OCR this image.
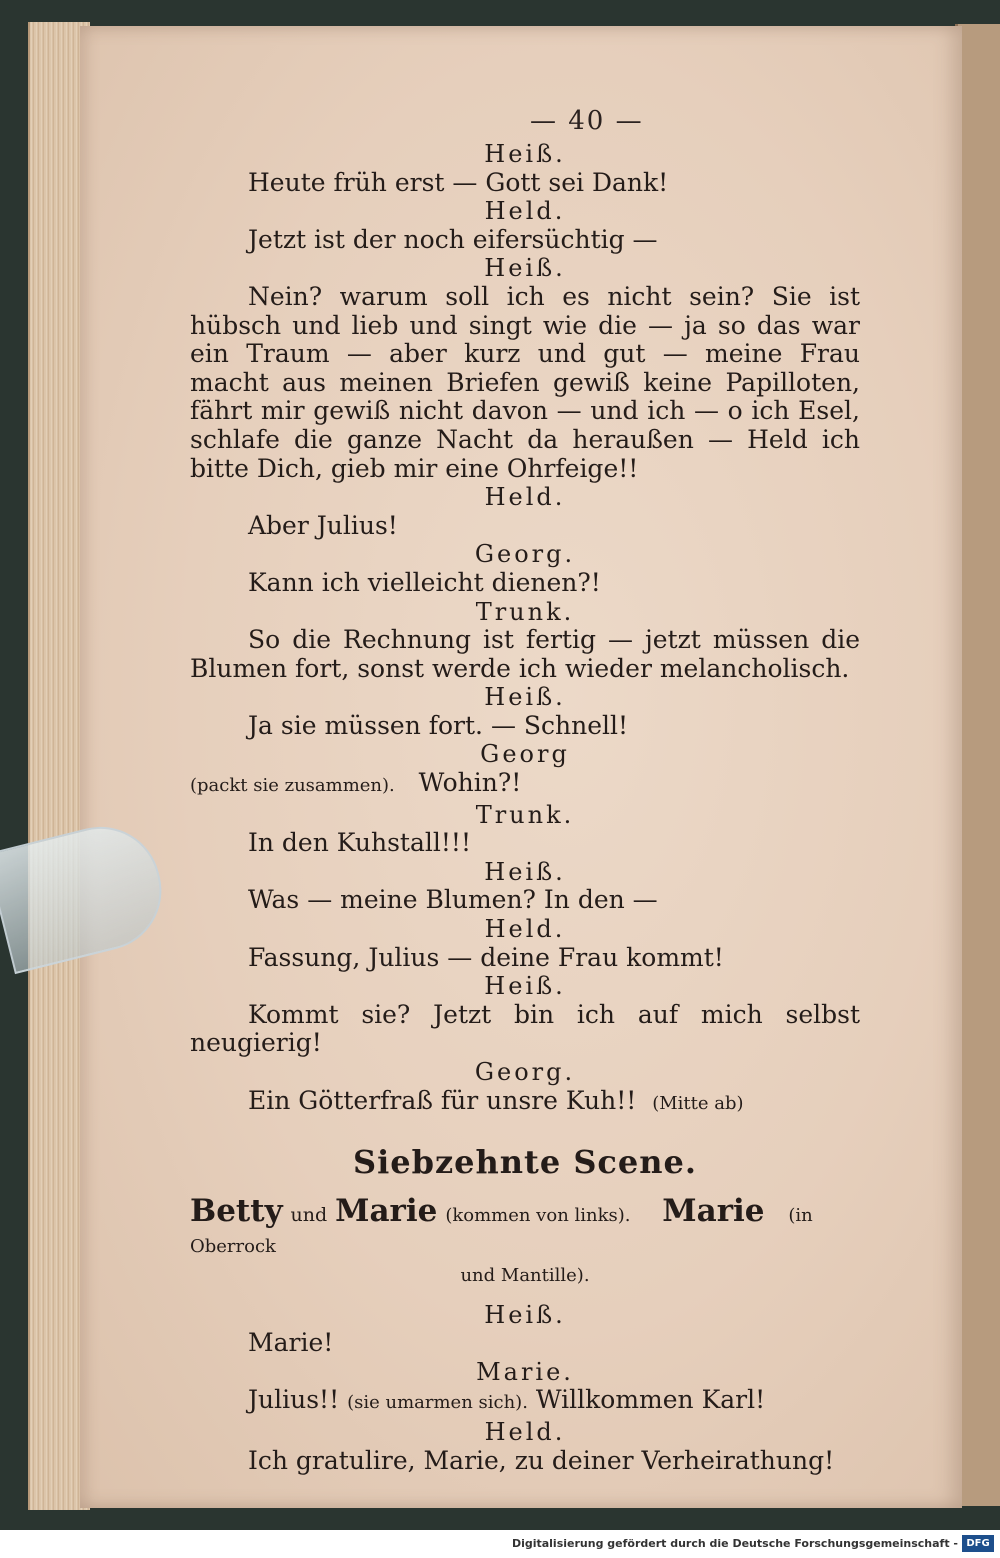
— 40 —

Heiß.

Heute früh erst — Gott sei Dank!

Held.

Jetzt ist der noch eifersüchtig —

Heiß.

Nein? warum soll ich es nicht sein? Sie ist hübsch und lieb und singt wie die — ja so das war ein Traum — aber kurz und gut — meine Frau macht aus meinen Briefen gewiß keine Papilloten, fährt mir gewiß nicht davon — und ich — o ich Esel, schlafe die ganze Nacht da heraußen — Held ich bitte Dich, gieb mir eine Ohrfeige!!

Held.

Aber Julius!

Georg.

Kann ich vielleicht dienen?!

Trunk.

So die Rechnung ist fertig — jetzt müssen die Blumen fort, sonst werde ich wieder melancholisch.

Heiß.

Ja sie müssen fort. — Schnell!

Georg

(packt sie zusammen). Wohin?!

Trunk.

In den Kuhstall!!!

Heiß.

Was — meine Blumen? In den —

Held.

Fassung, Julius — deine Frau kommt!

Heiß.

Kommt sie? Jetzt bin ich auf mich selbst neugierig!

Georg.

Ein Götterfraß für unsre Kuh!! (Mitte ab)

Siebzehnte Scene.

Betty und Marie (kommen von links). Marie (in Oberrock

und Mantille).

Heiß.

Marie!

Marie.

Julius!! (sie umarmen sich). Willkommen Karl!

Held.

Ich gratulire, Marie, zu deiner Verheirathung!

Digitalisierung gefördert durch die Deutsche Forschungsgemeinschaft - DFG
